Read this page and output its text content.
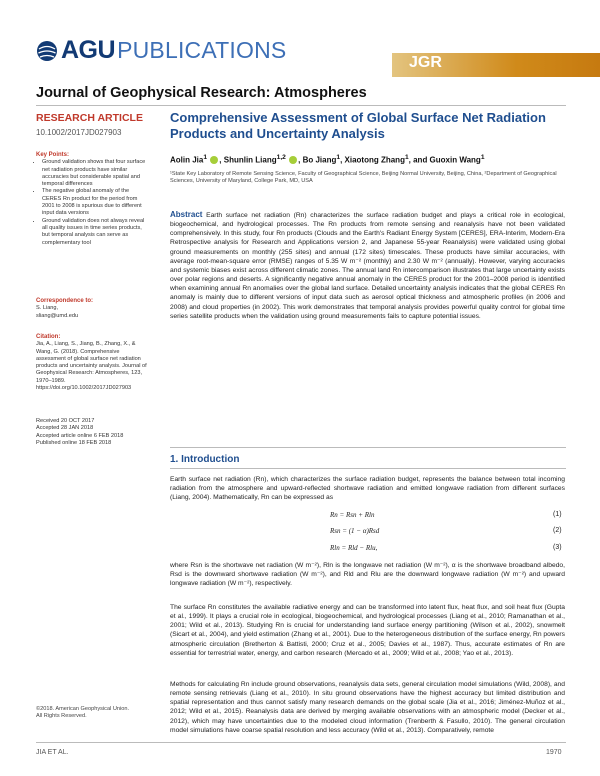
AGU PUBLICATIONS	JGR
Journal of Geophysical Research: Atmospheres
RESEARCH ARTICLE
10.1002/2017JD027903
Key Points:
• Ground validation shows that four surface net radiation products have similar accuracies but considerable spatial and temporal differences
• The negative global anomaly of the CERES Rn product for the period from 2001 to 2008 is spurious due to different input data versions
• Ground validation does not always reveal all quality issues in time series products, but temporal analysis can serve as complementary tool
Correspondence to:
S. Liang,
sliang@umd.edu
Citation:
Jia, A., Liang, S., Jiang, B., Zhang, X., & Wang, G. (2018). Comprehensive assessment of global surface net radiation products and uncertainty analysis. Journal of Geophysical Research: Atmospheres, 123, 1970–1989. https://doi.org/10.1002/2017JD027903
Received 20 OCT 2017
Accepted 28 JAN 2018
Accepted article online 6 FEB 2018
Published online 18 FEB 2018
©2018. American Geophysical Union.
All Rights Reserved.
Comprehensive Assessment of Global Surface Net Radiation Products and Uncertainty Analysis
Aolin Jia$^1$ , Shunlin Liang$^{1,2}$ , Bo Jiang$^1$, Xiaotong Zhang$^1$, and Guoxin Wang$^1$
¹State Key Laboratory of Remote Sensing Science, Faculty of Geographical Science, Beijing Normal University, Beijing, China, ²Department of Geographical Sciences, University of Maryland, College Park, MD, USA
Abstract Earth surface net radiation (Rn) characterizes the surface radiation budget and plays a critical role in ecological, biogeochemical, and hydrological processes. The Rn products from remote sensing and reanalysis have not been validated comprehensively. In this study, four Rn products (Clouds and the Earth's Radiant Energy System [CERES], ERA-Interim, Modern-Era Retrospective analysis for Research and Applications version 2, and Japanese 55-year Reanalysis) were validated using global ground measurements on monthly (255 sites) and annual (172 sites) timescales. These products have similar accuracies, with average root-mean-square error (RMSE) ranges of 5.35 W m⁻² (monthly) and 2.30 W m⁻² (annually). However, varying accuracies and systemic biases exist across different climatic zones. The annual land Rn intercomparison illustrates that large uncertainty exists over polar regions and deserts. A significantly negative annual anomaly in the CERES product for the 2001–2008 period is identified when examining annual Rn anomalies over the global land surface. Detailed uncertainty analysis indicates that the global CERES Rn anomaly is mainly due to different versions of input data such as aerosol optical thickness and atmospheric profiles (in 2006 and 2008) and cloud properties (in 2002). This work demonstrates that temporal analysis provides powerful quality control for global time series satellite products when the validation using ground measurements fails to capture potential issues.
1. Introduction
Earth surface net radiation (Rn), which characterizes the surface radiation budget, represents the balance between total incoming radiation from the atmosphere and upward-reflected shortwave radiation and emitted longwave radiation from different surfaces (Liang, 2004). Mathematically, Rn can be expressed as
Rn = Rsn + Rln	(1)
Rsn = (1 − α)Rsd	(2)
Rln = Rld − Rlu,	(3)
where Rsn is the shortwave net radiation (W m⁻²), Rln is the longwave net radiation (W m⁻²), α is the shortwave broadband albedo, Rsd is the downward shortwave radiation (W m⁻²), and Rld and Rlu are the downward longwave radiation (W m⁻²) and upward longwave radiation (W m⁻²), respectively.
The surface Rn constitutes the available radiative energy and can be transformed into latent flux, heat flux, and soil heat flux (Gupta et al., 1999). It plays a crucial role in ecological, biogeochemical, and hydrological processes (Liang et al., 2010; Ramanathan et al., 2001; Wild et al., 2013). Studying Rn is crucial for understanding land surface energy partitioning (Wilson et al., 2002), snowmelt (Sicart et al., 2004), and yield estimation (Zhang et al., 2001). Due to the heterogeneous distribution of the surface energy, Rn powers atmospheric circulation (Bretherton & Battisti, 2000; Cruz et al., 2005; Davies et al., 1987). Thus, accurate estimates of Rn are essential for terrestrial water, energy, and carbon research (Mercado et al., 2009; Wild et al., 2008; Yao et al., 2013).
Methods for calculating Rn include ground observations, reanalysis data sets, general circulation model simulations (Wild, 2008), and remote sensing retrievals (Liang et al., 2010). In situ ground observations have the highest accuracy but limited distribution and spatial representation and thus cannot satisfy many research demands on the global scale (Jia et al., 2016; Jiménez-Muñoz et al., 2012; Wild et al., 2015). Reanalysis data are derived by merging available observations with an atmospheric model (Decker et al., 2012), which may have uncertainties due to the modeled cloud information (Trenberth & Fasullo, 2010). The general circulation model simulations have coarse spatial resolution and less accuracy (Wild et al., 2013). Comparatively, remote
JIA ET AL.	1970
